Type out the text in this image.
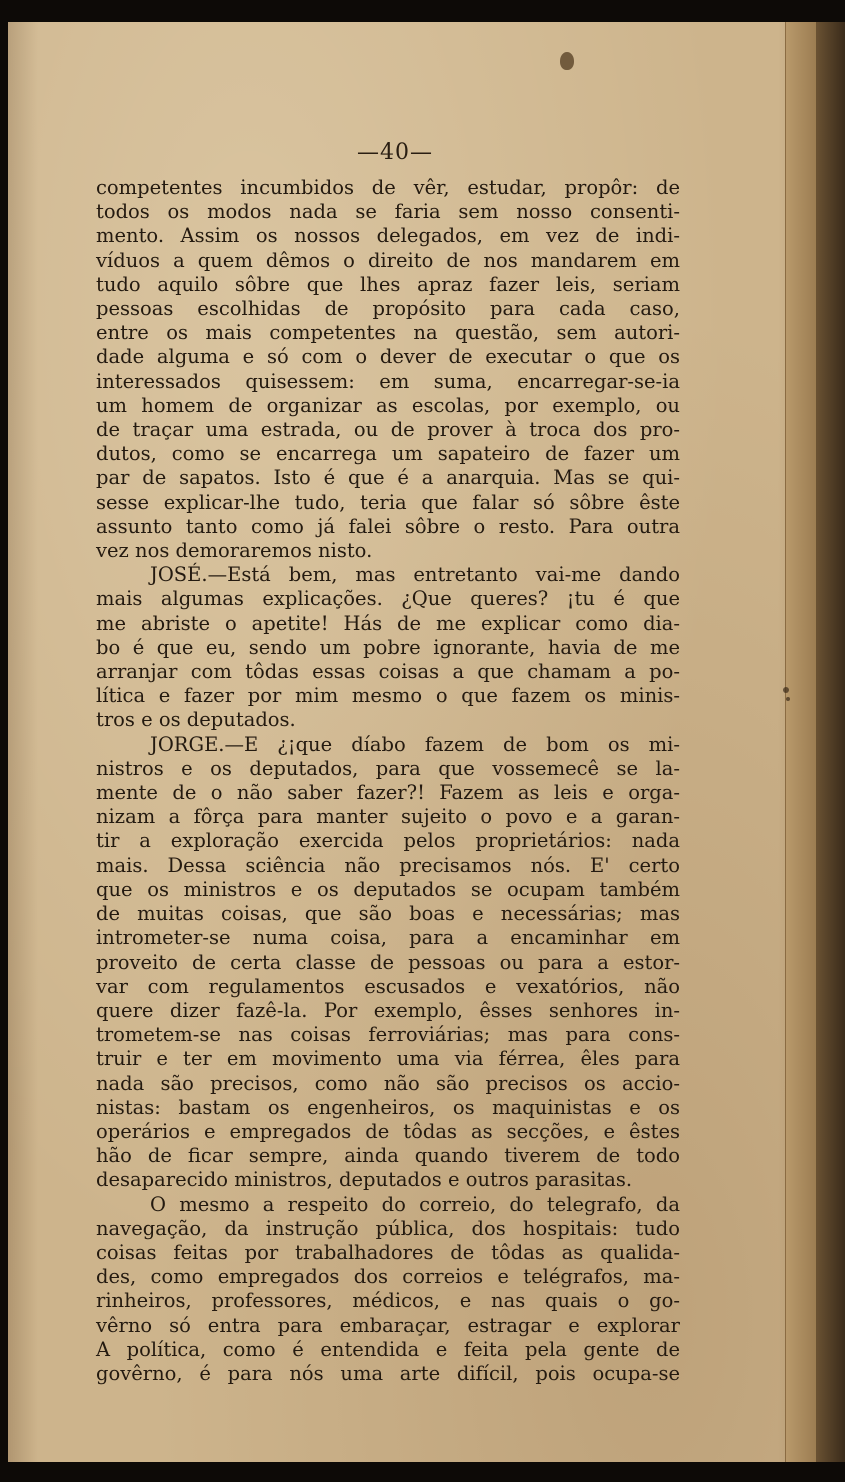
—40—
competentes incumbidos de vêr, estudar, propôr: de
todos os modos nada se faria sem nosso consenti-
mento. Assim os nossos delegados, em vez de indi-
víduos a quem dêmos o direito de nos mandarem em
tudo aquilo sôbre que lhes apraz fazer leis, seriam
pessoas escolhidas de propósito para cada caso,
entre os mais competentes na questão, sem autori-
dade alguma e só com o dever de executar o que os
interessados quisessem: em suma, encarregar-se-ia
um homem de organizar as escolas, por exemplo, ou
de traçar uma estrada, ou de prover à troca dos pro-
dutos, como se encarrega um sapateiro de fazer um
par de sapatos. Isto é que é a anarquia. Mas se qui-
sesse explicar-lhe tudo, teria que falar só sôbre êste
assunto tanto como já falei sôbre o resto. Para outra
vez nos demoraremos nisto.
JOSÉ.—Está bem, mas entretanto vai-me dando
mais algumas explicações. ¿Que queres? ¡tu é que
me abriste o apetite! Hás de me explicar como dia-
bo é que eu, sendo um pobre ignorante, havia de me
arranjar com tôdas essas coisas a que chamam a po-
lítica e fazer por mim mesmo o que fazem os minis-
tros e os deputados.
JORGE.—E ¿¡que díabo fazem de bom os mi-
nistros e os deputados, para que vossemecê se la-
mente de o não saber fazer?! Fazem as leis e orga-
nizam a fôrça para manter sujeito o povo e a garan-
tir a exploração exercida pelos proprietários: nada
mais. Dessa sciência não precisamos nós. E' certo
que os ministros e os deputados se ocupam também
de muitas coisas, que são boas e necessárias; mas
intrometer-se numa coisa, para a encaminhar em
proveito de certa classe de pessoas ou para a estor-
var com regulamentos escusados e vexatórios, não
quere dizer fazê-la. Por exemplo, êsses senhores in-
trometem-se nas coisas ferroviárias; mas para cons-
truir e ter em movimento uma via férrea, êles para
nada são precisos, como não são precisos os accio-
nistas: bastam os engenheiros, os maquinistas e os
operários e empregados de tôdas as secções, e êstes
hão de ficar sempre, ainda quando tiverem de todo
desaparecido ministros, deputados e outros parasitas.
O mesmo a respeito do correio, do telegrafo, da
navegação, da instrução pública, dos hospitais: tudo
coisas feitas por trabalhadores de tôdas as qualida-
des, como empregados dos correios e telégrafos, ma-
rinheiros, professores, médicos, e nas quais o go-
vêrno só entra para embaraçar, estragar e explorar
A política, como é entendida e feita pela gente de
govêrno, é para nós uma arte difícil, pois ocupa-se
